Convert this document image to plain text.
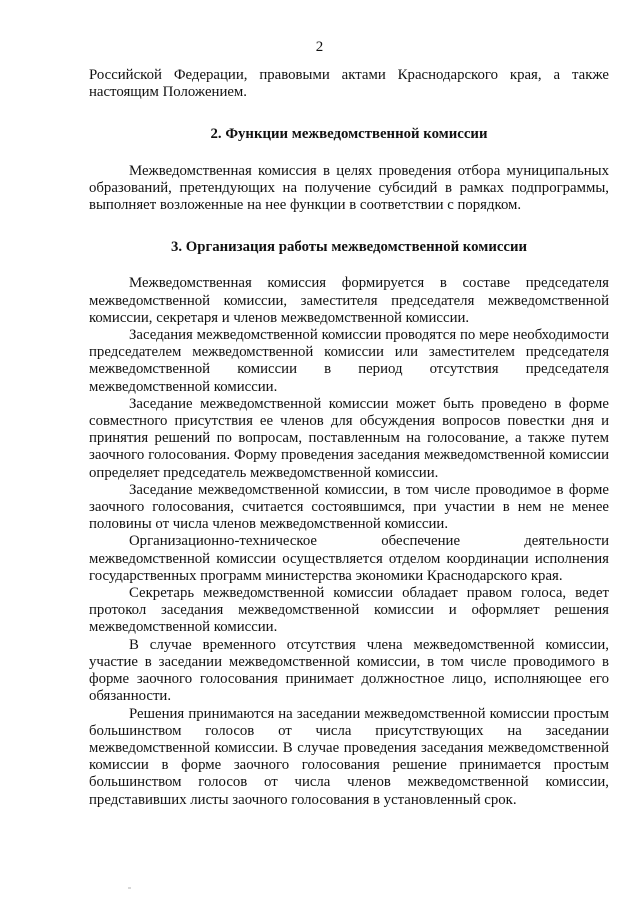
2

Российской Федерации, правовыми актами Краснодарского края, а также настоящим Положением.

2. Функции межведомственной комиссии

Межведомственная комиссия в целях проведения отбора муниципальных образований, претендующих на получение субсидий в рамках подпрограммы, выполняет возложенные на нее функции в соответствии с порядком.

3. Организация работы межведомственной комиссии

Межведомственная комиссия формируется в составе председателя межведомственной комиссии, заместителя председателя межведомственной комиссии, секретаря и членов межведомственной комиссии.

Заседания межведомственной комиссии проводятся по мере необходимости председателем межведомственной комиссии или заместителем председателя межведомственной комиссии в период отсутствия председателя межведомственной комиссии.

Заседание межведомственной комиссии может быть проведено в форме совместного присутствия ее членов для обсуждения вопросов повестки дня и принятия решений по вопросам, поставленным на голосование, а также путем заочного голосования. Форму проведения заседания межведомственной комиссии определяет председатель межведомственной комиссии.

Заседание межведомственной комиссии, в том числе проводимое в форме заочного голосования, считается состоявшимся, при участии в нем не менее половины от числа членов межведомственной комиссии.

Организационно-техническое обеспечение деятельности межведомственной комиссии осуществляется отделом координации исполнения государственных программ министерства экономики Краснодарского края.

Секретарь межведомственной комиссии обладает правом голоса, ведет протокол заседания межведомственной комиссии и оформляет решения межведомственной комиссии.

В случае временного отсутствия члена межведомственной комиссии, участие в заседании межведомственной комиссии, в том числе проводимого в форме заочного голосования принимает должностное лицо, исполняющее его обязанности.

Решения принимаются на заседании межведомственной комиссии простым большинством голосов от числа присутствующих на заседании межведомственной комиссии. В случае проведения заседания межведомственной комиссии в форме заочного голосования решение принимается простым большинством голосов от числа членов межведомственной комиссии, представивших листы заочного голосования в установленный срок.
